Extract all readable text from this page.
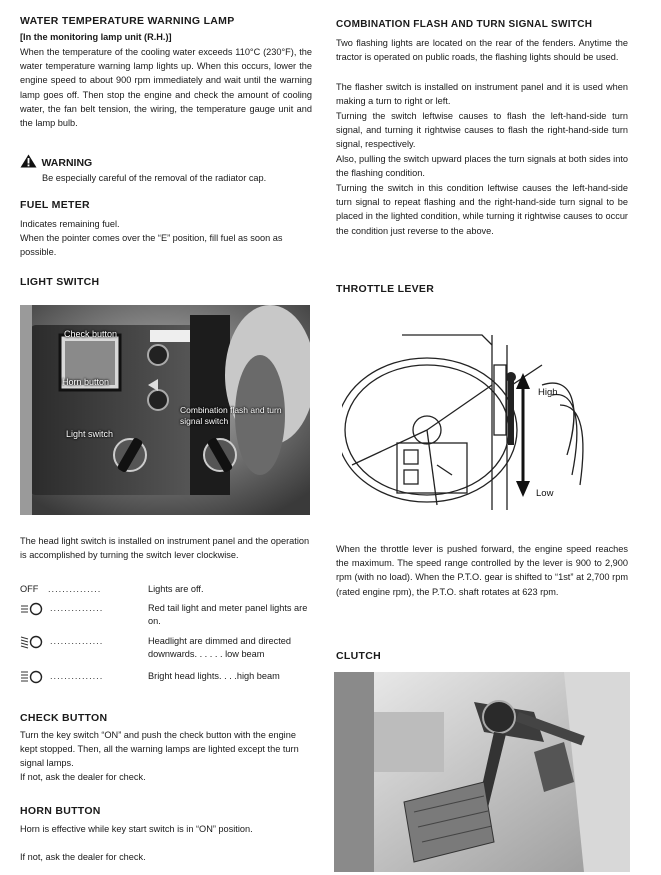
WATER TEMPERATURE WARNING LAMP

[In the monitoring lamp unit (R.H.)]

When the temperature of the cooling water exceeds 110°C (230°F), the water temperature warning lamp lights up. When this occurs, lower the engine speed to about 900 rpm immediately and wait until the warning lamp goes off. Then stop the engine and check the amount of cooling water, the fan belt tension, the wiring, the temperature gauge unit and the lamp bulb.

WARNING

Be especially careful of the removal of the radiator cap.

FUEL METER

Indicates remaining fuel.

When the pointer comes over the “E” position, fill fuel as soon as possible.

LIGHT SWITCH
Check button
Horn button
Combination flash and turn signal switch
Light switch

The head light switch is installed on instrument panel and the operation is accomplished by turning the switch lever clockwise.

OFF ...............	Lights are off.
...............	Red tail light and meter panel lights are on.
...............	Headlight are dimmed and directed downwards. . . . . . low beam
...............	Bright head lights. . . .high beam
CHECK BUTTON

Turn the key switch “ON” and push the check button with the engine kept stopped. Then, all the warning lamps are lighted except the turn signal lamps.

If not, ask the dealer for check.

HORN BUTTON

Horn is effective while key start switch is in “ON” position.

If not, ask the dealer for check.

COMBINATION FLASH AND TURN SIGNAL SWITCH

Two flashing lights are located on the rear of the fenders. Anytime the tractor is operated on public roads, the flashing lights should be used.

The flasher switch is installed on instrument panel and it is used when making a turn to right or left.

Turning the switch leftwise causes to flash the left-hand-side turn signal, and turning it rightwise causes to flash the right-hand-side turn signal, respectively.

Also, pulling the switch upward places the turn signals at both sides into the flashing condition.

Turning the switch in this condition leftwise causes the left-hand-side turn signal to repeat flashing and the right-hand-side turn signal to be placed in the lighted condition, while turning it rightwise causes to occur the condition just reverse to the above.

THROTTLE LEVER
High
Low

When the throttle lever is pushed forward, the engine speed reaches the maximum. The speed range controlled by the lever is 900 to 2,900 rpm (with no load). When the P.T.O. gear is shifted to “1st” at 2,700 rpm (rated engine rpm), the P.T.O. shaft rotates at 623 rpm.

CLUTCH
